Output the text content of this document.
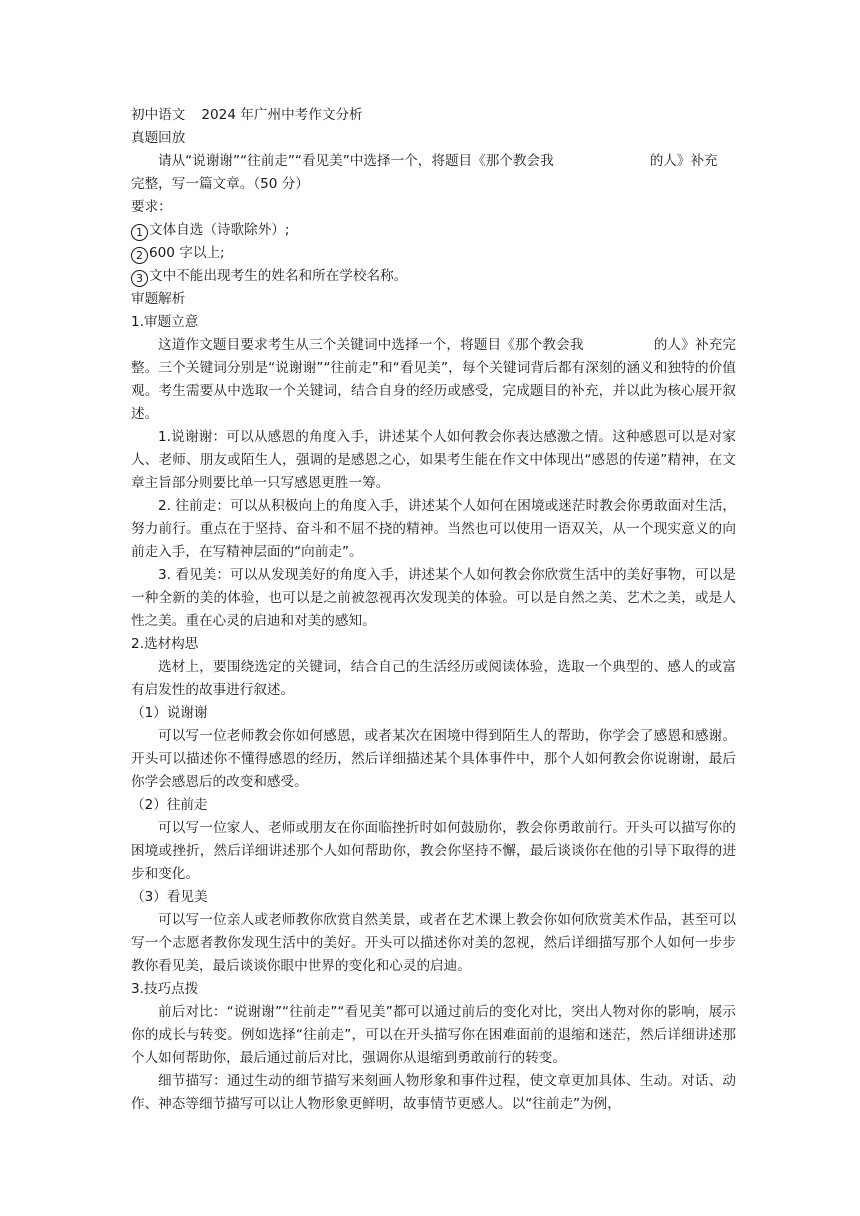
初中语文 2024 年广州中考作文分析
真题回放
请从“说谢谢”“往前走”“看见美”中选择一个，将题目《那个教会我	的人》补充
完整，写一篇文章。（50 分）
要求：
1 文体自选（诗歌除外）;
2 600 字以上;
3 文中不能出现考生的姓名和所在学校名称。
审题解析
1.审题立意
这道作文题目要求考生从三个关键词中选择一个，将题目《那个教会我	的人》补充完整。三个关键词分别是“说谢谢”“往前走”和“看见美”，每个关键词背后都有深刻的涵义和独特的价值观。考生需要从中选取一个关键词，结合自身的经历或感受，完成题目的补充，并以此为核心展开叙述。
1.说谢谢：可以从感恩的角度入手，讲述某个人如何教会你表达感激之情。这种感恩可以是对家人、老师、朋友或陌生人，强调的是感恩之心，如果考生能在作文中体现出“感恩的传递”精神，在文章主旨部分则要比单一只写感恩更胜一筹。
2. 往前走：可以从积极向上的角度入手，讲述某个人如何在困境或迷茫时教会你勇敢面对生活，努力前行。重点在于坚持、奋斗和不屈不挠的精神。当然也可以使用一语双关，从一个现实意义的向前走入手，在写精神层面的“向前走”。
3. 看见美：可以从发现美好的角度入手，讲述某个人如何教会你欣赏生活中的美好事物，可以是一种全新的美的体验，也可以是之前被忽视再次发现美的体验。可以是自然之美、艺术之美，或是人性之美。重在心灵的启迪和对美的感知。
2.选材构思
选材上，要围绕选定的关键词，结合自己的生活经历或阅读体验，选取一个典型的、感人的或富有启发性的故事进行叙述。
（1）说谢谢
可以写一位老师教会你如何感恩，或者某次在困境中得到陌生人的帮助，你学会了感恩和感谢。开头可以描述你不懂得感恩的经历，然后详细描述某个具体事件中，那个人如何教会你说谢谢，最后你学会感恩后的改变和感受。
（2）往前走
可以写一位家人、老师或朋友在你面临挫折时如何鼓励你，教会你勇敢前行。开头可以描写你的困境或挫折，然后详细讲述那个人如何帮助你，教会你坚持不懈，最后谈谈你在他的引导下取得的进步和变化。
（3）看见美
可以写一位亲人或老师教你欣赏自然美景，或者在艺术课上教会你如何欣赏美术作品，甚至可以写一个志愿者教你发现生活中的美好。开头可以描述你对美的忽视，然后详细描写那个人如何一步步教你看见美，最后谈谈你眼中世界的变化和心灵的启迪。
3.技巧点拨
前后对比：“说谢谢”“往前走”“看见美”都可以通过前后的变化对比，突出人物对你的影响，展示你的成长与转变。例如选择“往前走”，可以在开头描写你在困难面前的退缩和迷茫，然后详细讲述那个人如何帮助你，最后通过前后对比，强调你从退缩到勇敢前行的转变。
细节描写：通过生动的细节描写来刻画人物形象和事件过程，使文章更加具体、生动。对话、动作、神态等细节描写可以让人物形象更鲜明，故事情节更感人。以“往前走”为例，
